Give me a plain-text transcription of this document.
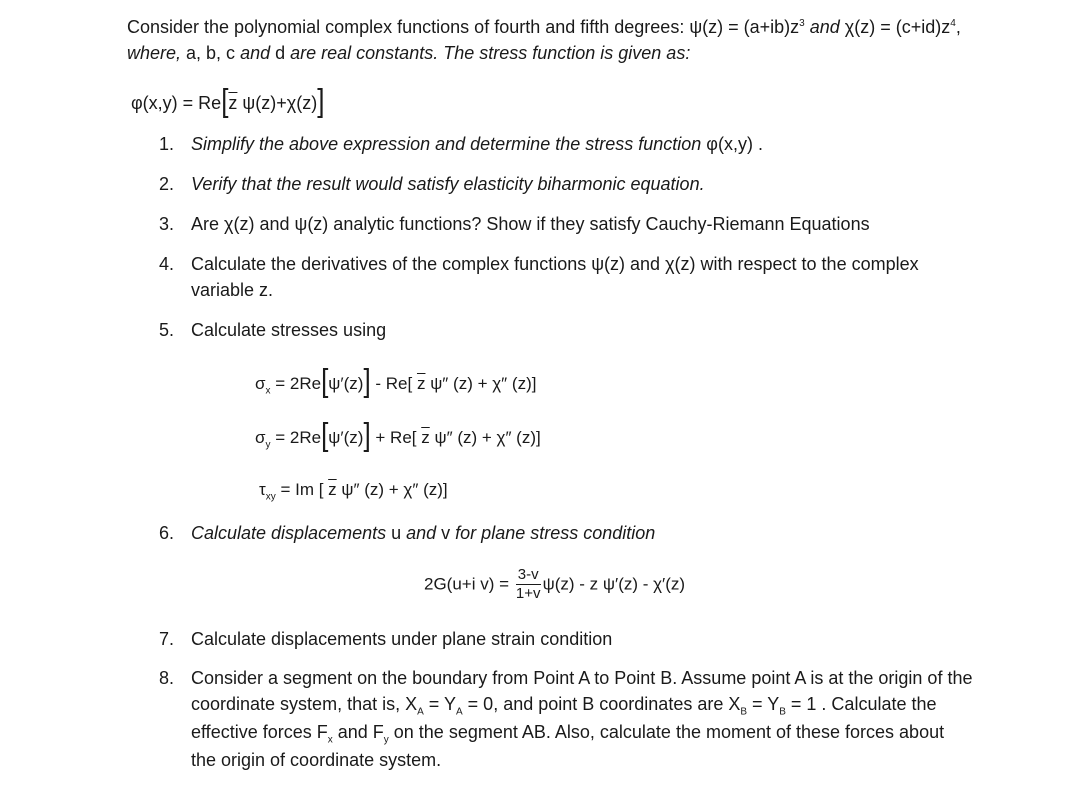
Consider the polynomial complex functions of fourth and fifth degrees: $\psi(z) = (a+ib)z^3$ and $\chi(z) = (c+id)z^4$,
where, a, b, c and d are real constants. The stress function is given as:
$\varphi(x,y) = Re[\overline{z}$ ψ(z)+χ(z)]
1. Simplify the above expression and determine the stress function φ(x,y) .
2. Verify that the result would satisfy elasticity biharmonic equation.
3. Are χ(z) and ψ(z) analytic functions? Show if they satisfy Cauchy-Riemann Equations
4. Calculate the derivatives of the complex functions ψ(z) and χ(z) with respect to the complex
variable z.
5. Calculate stresses using
$\sigma_x = 2Re[\psi'(z)] - Re$[ $\overline{z}$ ψ″ (z) + χ″ (z)]
$\sigma_y = 2Re[\psi'(z)] + Re$[ $\overline{z}$ ψ″ (z) + χ″ (z)]
$\tau_{xy} = Im$ [ $\overline{z}$ ψ″ (z) + χ″ (z)]
6. Calculate displacements u and v for plane stress condition
2G(u+i $v) = \frac{3-v}{1+v} \psi(z) - z$ ψ′(z) - χ′(z)
7. Calculate displacements under plane strain condition
8. Consider a segment on the boundary from Point A to Point B. Assume point A is at the origin of the
coordinate system, that is, $X_A = Y_A = 0$, and point B coordinates are $X_B = Y_B = 1$ . Calculate the
effective forces $F_x$ and $F_y$ on the segment AB. Also, calculate the moment of these forces about
the origin of coordinate system.
